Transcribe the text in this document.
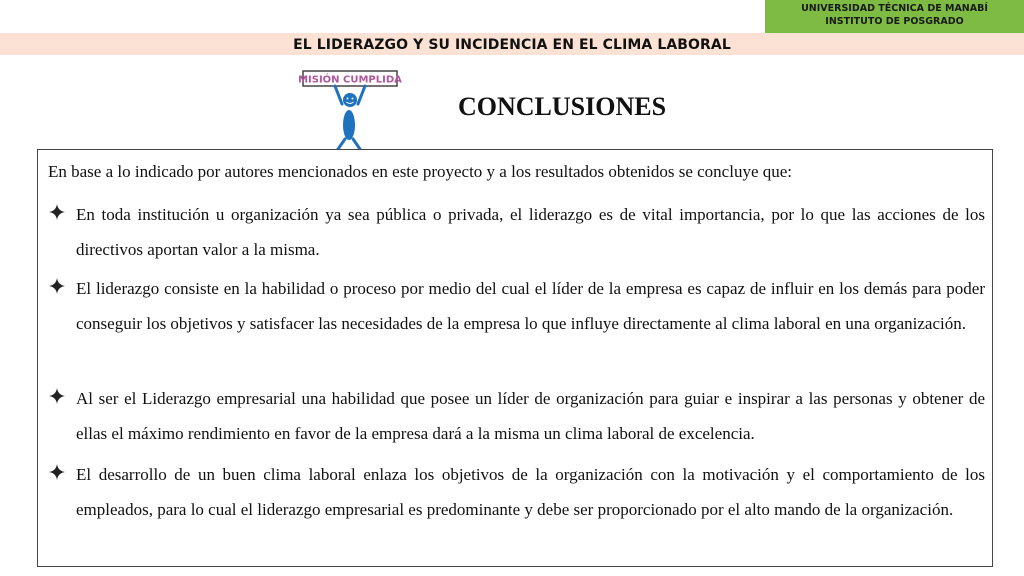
UNIVERSIDAD TÉCNICA DE MANABÍ
INSTITUTO DE POSGRADO
EL LIDERAZGO Y SU INCIDENCIA EN EL CLIMA LABORAL
MISIÓN CUMPLIDA
CONCLUSIONES
En base a lo indicado por autores mencionados en este proyecto y a los resultados obtenidos se concluye que:
En toda institución u organización ya sea pública o privada, el liderazgo es de vital importancia, por lo que las acciones de los directivos aportan valor a la misma.
El liderazgo consiste en la habilidad o proceso por medio del cual el líder de la empresa es capaz de influir en los demás para poder conseguir los objetivos y satisfacer las necesidades de la empresa lo que influye directamente al clima laboral en una organización.
Al ser el Liderazgo empresarial una habilidad que posee un líder de organización para guiar e inspirar a las personas y obtener de ellas el máximo rendimiento en favor de la empresa dará a la misma un clima laboral de excelencia.
El desarrollo de un buen clima laboral enlaza los objetivos de la organización con la motivación y el comportamiento de los empleados, para lo cual el liderazgo empresarial es predominante y debe ser proporcionado por el alto mando de la organización.
